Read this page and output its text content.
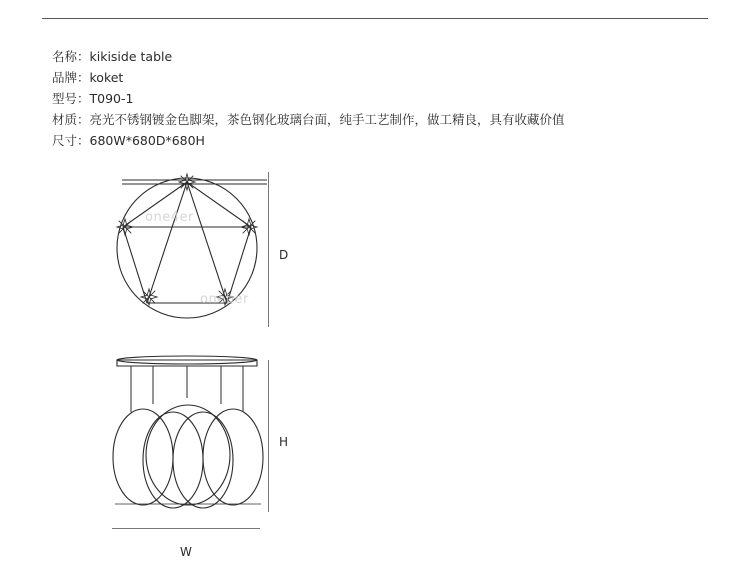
名称：kikiside table
品牌：koket
型号：T090-1
材质：亮光不锈钢镀金色脚架，茶色钢化玻璃台面，纯手工艺制作，做工精良，具有收藏价值
尺寸：680W*680D*680H
one4er
oneber
D
H
W
